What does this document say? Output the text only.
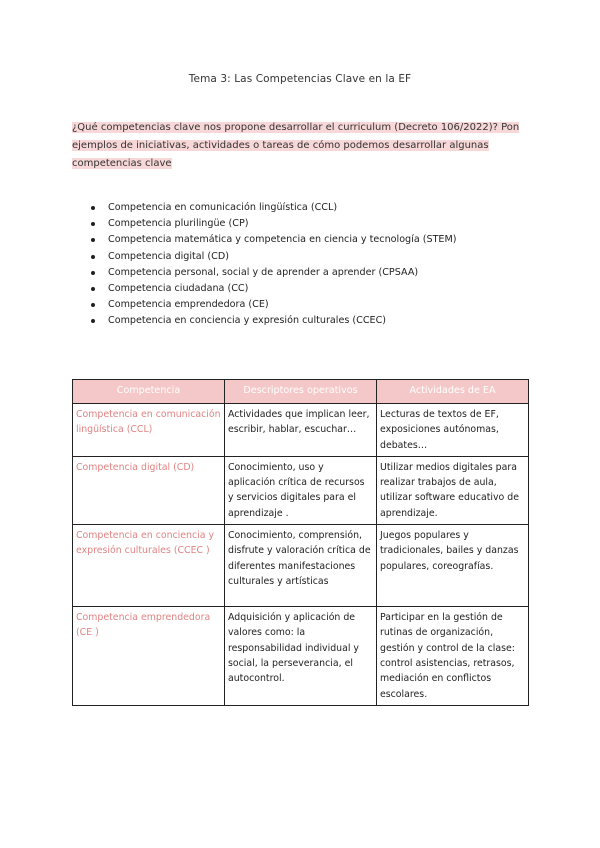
Tema 3: Las Competencias Clave en la EF
¿Qué competencias clave nos propone desarrollar el curriculum (Decreto 106/2022)? Pon ejemplos de iniciativas, actividades o tareas de cómo podemos desarrollar algunas competencias clave
Competencia en comunicación lingüística (CCL)
Competencia plurilingüe (CP)
Competencia matemática y competencia en ciencia y tecnología (STEM)
Competencia digital (CD)
Competencia personal, social y de aprender a aprender (CPSAA)
Competencia ciudadana (CC)
Competencia emprendedora (CE)
Competencia en conciencia y expresión culturales (CCEC)
Competencia	Descriptores operativos	Actividades de EA
Competencia en comunicación lingüística (CCL)	Actividades que implican leer, escribir, hablar, escuchar…	Lecturas de textos de EF, exposiciones autónomas, debates…
Competencia digital (CD)	Conocimiento, uso y aplicación crítica de recursos y servicios digitales para el aprendizaje .	Utilizar medios digitales para realizar trabajos de aula, utilizar software educativo de aprendizaje.
Competencia en conciencia y expresión culturales (CCEC )	Conocimiento, comprensión, disfrute y valoración crítica de diferentes manifestaciones culturales y artísticas	Juegos populares y tradicionales, bailes y danzas populares, coreografías.
Competencia emprendedora (CE )	Adquisición y aplicación de valores como: la responsabilidad individual y social, la perseverancia, el autocontrol.	Participar en la gestión de rutinas de organización, gestión y control de la clase: control asistencias, retrasos, mediación en conflictos escolares.
